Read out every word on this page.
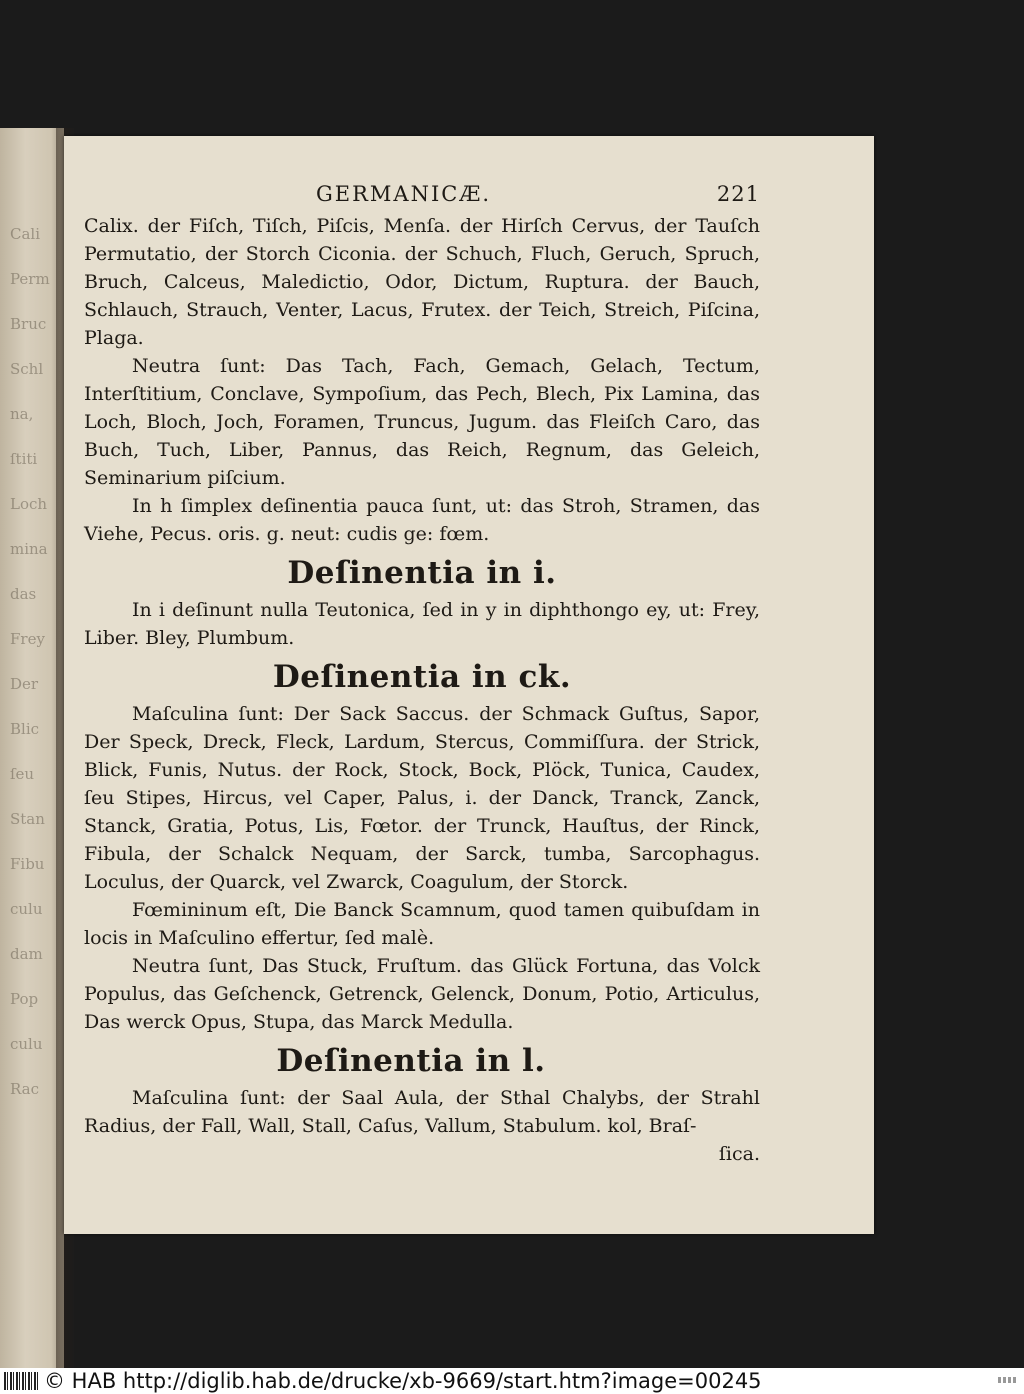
Cali
Perm
Bruc
Schl
na,
ſtiti
Loch
mina
das
Frey
Der
Blic
ſeu
Stan
Fibu
culu
dam
Pop
culu
Rac
GERMANICÆ.	221

Calix. der Fiſch, Tiſch, Piſcis, Menſa. der Hirſch Cervus, der Tauſch Permutatio, der Storch Ciconia. der Schuch, Fluch, Geruch, Spruch, Bruch, Calceus, Maledictio, Odor, Dictum, Ruptura. der Bauch, Schlauch, Strauch, Venter, Lacus, Frutex. der Teich, Streich, Piſcina, Plaga.

Neutra ſunt: Das Tach, Fach, Gemach, Gelach, Tectum, Interſtitium, Conclave, Sympoſium, das Pech, Blech, Pix Lamina, das Loch, Bloch, Joch, Foramen, Truncus, Jugum. das Fleiſch Caro, das Buch, Tuch, Liber, Pannus, das Reich, Regnum, das Geleich, Seminarium piſcium.

In h ſimplex deſinentia pauca ſunt, ut: das Stroh, Stramen, das Viehe, Pecus. oris. g. neut: cudis ge: fœm.

Deſinentia in i.

In i deſinunt nulla Teutonica, ſed in y in diphthongo ey, ut: Frey, Liber. Bley, Plumbum.

Deſinentia in ck.

Maſculina ſunt: Der Sack Saccus. der Schmack Guſtus, Sapor, Der Speck, Dreck, Fleck, Lardum, Stercus, Commiſſura. der Strick, Blick, Funis, Nutus. der Rock, Stock, Bock, Plöck, Tunica, Caudex, ſeu Stipes, Hircus, vel Caper, Palus, i. der Danck, Tranck, Zanck, Stanck, Gratia, Potus, Lis, Fœtor. der Trunck, Hauſtus, der Rinck, Fibula, der Schalck Nequam, der Sarck, tumba, Sarcophagus. Loculus, der Quarck, vel Zwarck, Coagulum, der Storck.

Fœmininum eſt, Die Banck Scamnum, quod tamen quibuſdam in locis in Maſculino effertur, ſed malè.

Neutra ſunt, Das Stuck, Fruſtum. das Glück Fortuna, das Volck Populus, das Geſchenck, Getrenck, Gelenck, Donum, Potio, Articulus, Das werck Opus, Stupa, das Marck Medulla.

Deſinentia in l.

Maſculina ſunt: der Saal Aula, der Sthal Chalybs, der Strahl Radius, der Fall, Wall, Stall, Caſus, Vallum, Stabulum. kol, Braſ-

ſica.

© HAB http://diglib.hab.de/drucke/xb-9669/start.htm?image=00245
